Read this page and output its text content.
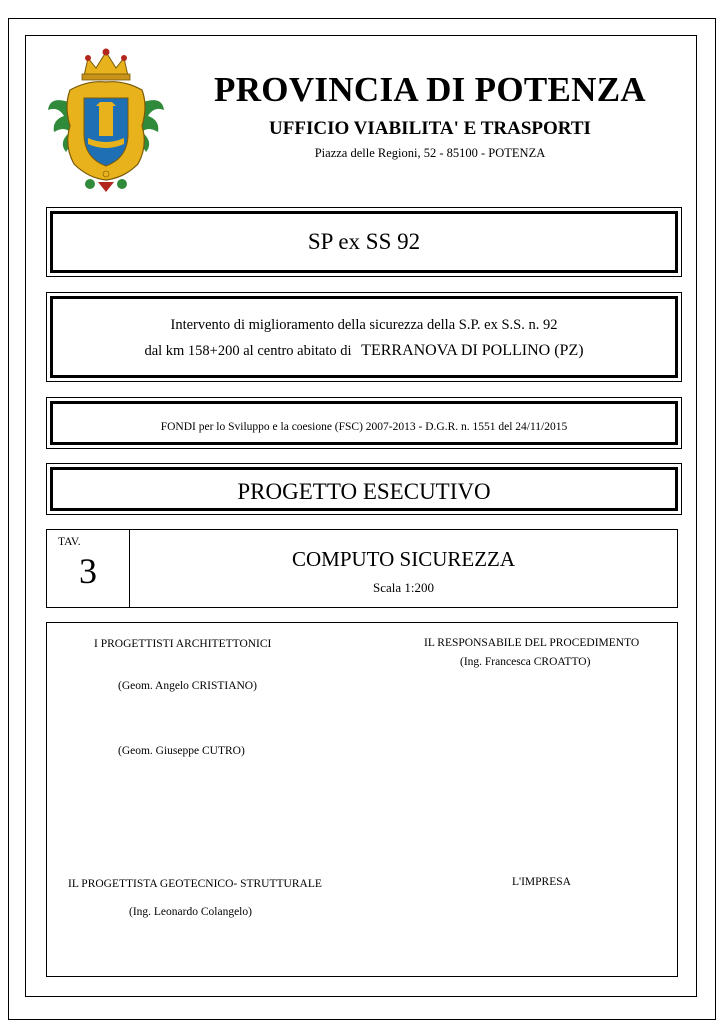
PROVINCIA DI POTENZA
UFFICIO VIABILITA' E TRASPORTI
Piazza delle Regioni, 52 - 85100 - POTENZA
SP ex SS 92
Intervento di miglioramento della sicurezza della S.P. ex S.S. n. 92
dal km 158+200 al centro abitato di TERRANOVA DI POLLINO (PZ)
FONDI per lo Sviluppo e la coesione (FSC) 2007-2013 - D.G.R. n. 1551 del 24/11/2015
PROGETTO ESECUTIVO
TAV.
3	COMPUTO SICUREZZA
Scala 1:200
I PROGETTISTI ARCHITETTONICI
(Geom. Angelo CRISTIANO)
(Geom. Giuseppe CUTRO)
IL RESPONSABILE DEL PROCEDIMENTO
(Ing. Francesca CROATTO)
IL PROGETTISTA GEOTECNICO- STRUTTURALE
(Ing. Leonardo Colangelo)
L'IMPRESA
